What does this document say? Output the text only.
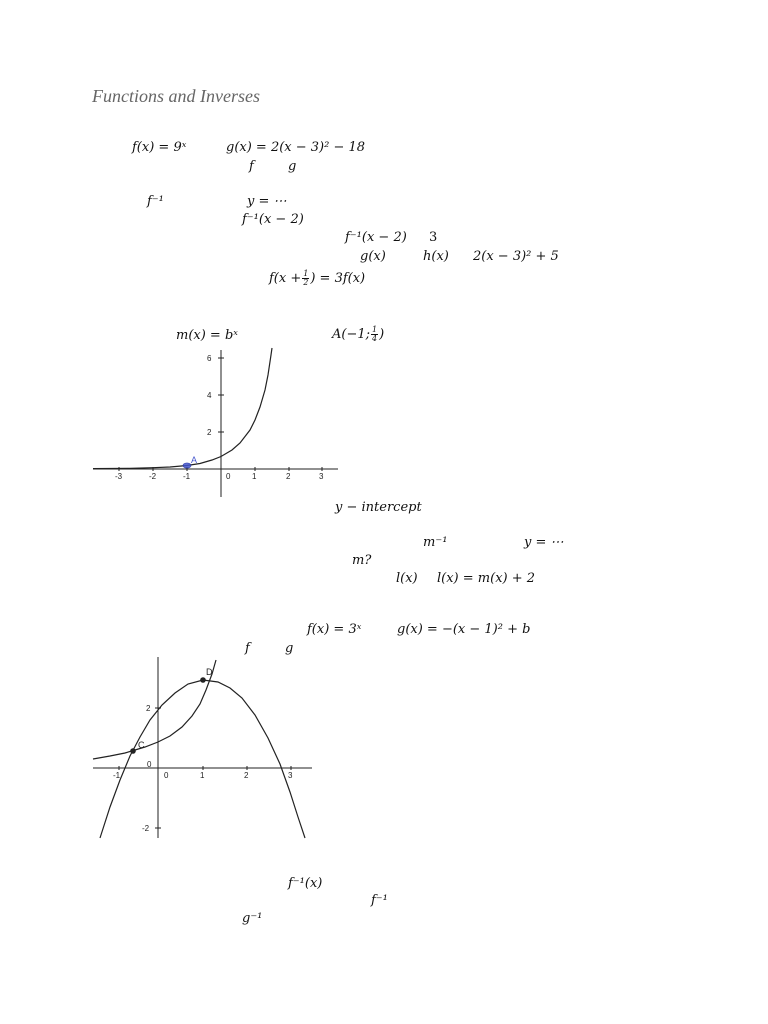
Functions and Inverses
f(x) = 9ˣ	g(x) = 2(x − 3)² − 18
f	g
f⁻¹	y = ⋯
f⁻¹(x − 2)
f⁻¹(x − 2) 3
g(x)	h(x) 2(x − 3)² + 5
$f(x + \frac{1}{2}$ ) = 3f(x)
m(x) = bˣ	A(−1; $\frac{1}{4}$ )
-3	-2	-1	0	1	2	3
6
4
2
A
y − intercept
m⁻¹	y = ⋯
m?
l(x) l(x) = m(x) + 2
f(x) = 3ˣ	g(x) = −(x − 1)² + b
f	g
-1
0
0	1	2	3
2
-2
C
D
f⁻¹(x)
f⁻¹
g⁻¹
